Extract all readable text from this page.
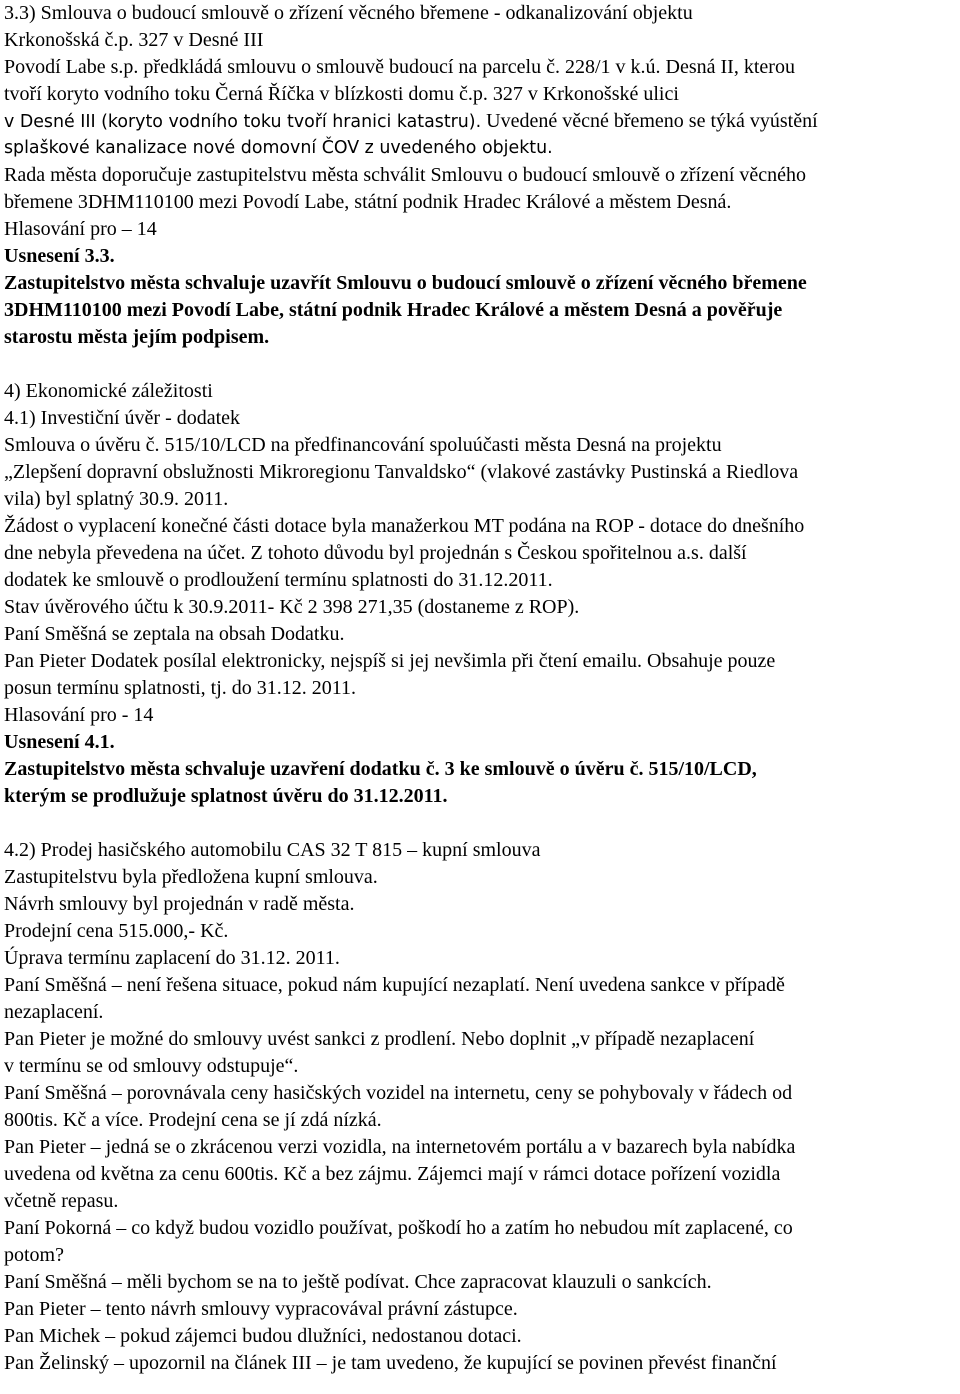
3.3) Smlouva o budoucí smlouvě o zřízení věcného břemene - odkanalizování objektu
Krkonošská č.p. 327 v Desné III
Povodí Labe s.p. předkládá smlouvu o smlouvě budoucí na parcelu č. 228/1 v k.ú. Desná II, kterou
tvoří koryto vodního toku Černá Říčka v blízkosti domu č.p. 327 v Krkonošské ulici
v Desné III (koryto vodního toku tvoří hranici katastru). Uvedené věcné břemeno se týká vyústění
splaškové kanalizace nové domovní ČOV z uvedeného objektu.
Rada města doporučuje zastupitelstvu města schválit Smlouvu o budoucí smlouvě o zřízení věcného
břemene 3DHM110100 mezi Povodí Labe, státní podnik Hradec Králové a městem Desná.
Hlasování pro – 14
Usnesení 3.3.
Zastupitelstvo města schvaluje uzavřít Smlouvu o budoucí smlouvě o zřízení věcného břemene
3DHM110100 mezi Povodí Labe, státní podnik Hradec Králové a městem Desná a pověřuje
starostu města jejím podpisem.
4) Ekonomické záležitosti
4.1) Investiční úvěr - dodatek
Smlouva o úvěru č. 515/10/LCD na předfinancování spoluúčasti města Desná na projektu
„Zlepšení dopravní obslužnosti Mikroregionu Tanvaldsko“ (vlakové zastávky Pustinská a Riedlova
vila) byl splatný 30.9. 2011.
Žádost o vyplacení konečné části dotace byla manažerkou MT podána na ROP - dotace do dnešního
dne nebyla převedena na účet. Z tohoto důvodu byl projednán s Českou spořitelnou a.s. další
dodatek ke smlouvě o prodloužení termínu splatnosti do 31.12.2011.
Stav úvěrového účtu k 30.9.2011- Kč 2 398 271,35 (dostaneme z ROP).
Paní Směšná se zeptala na obsah Dodatku.
Pan Pieter Dodatek posílal elektronicky, nejspíš si jej nevšimla při čtení emailu. Obsahuje pouze
posun termínu splatnosti, tj. do 31.12. 2011.
Hlasování pro - 14
Usnesení 4.1.
Zastupitelstvo města schvaluje uzavření dodatku č. 3 ke smlouvě o úvěru č. 515/10/LCD,
kterým se prodlužuje splatnost úvěru do 31.12.2011.
4.2) Prodej hasičského automobilu CAS 32 T 815 – kupní smlouva
Zastupitelstvu byla předložena kupní smlouva.
Návrh smlouvy byl projednán v radě města.
Prodejní cena 515.000,- Kč.
Úprava termínu zaplacení do 31.12. 2011.
Paní Směšná – není řešena situace, pokud nám kupující nezaplatí. Není uvedena sankce v případě
nezaplacení.
Pan Pieter je možné do smlouvy uvést sankci z prodlení. Nebo doplnit „v případě nezaplacení
v termínu se od smlouvy odstupuje“.
Paní Směšná – porovnávala ceny hasičských vozidel na internetu, ceny se pohybovaly v řádech od
800tis. Kč a více. Prodejní cena se jí zdá nízká.
Pan Pieter – jedná se o zkrácenou verzi vozidla, na internetovém portálu a v bazarech byla nabídka
uvedena od května za cenu 600tis. Kč a bez zájmu. Zájemci mají v rámci dotace pořízení vozidla
včetně repasu.
Paní Pokorná – co když budou vozidlo používat, poškodí ho a zatím ho nebudou mít zaplacené, co
potom?
Paní Směšná – měli bychom se na to ještě podívat. Chce zapracovat klauzuli o sankcích.
Pan Pieter – tento návrh smlouvy vypracovával právní zástupce.
Pan Michek – pokud zájemci budou dlužníci, nedostanou dotaci.
Pan Želinský – upozornil na článek III – je tam uvedeno, že kupující se povinen převést finanční
